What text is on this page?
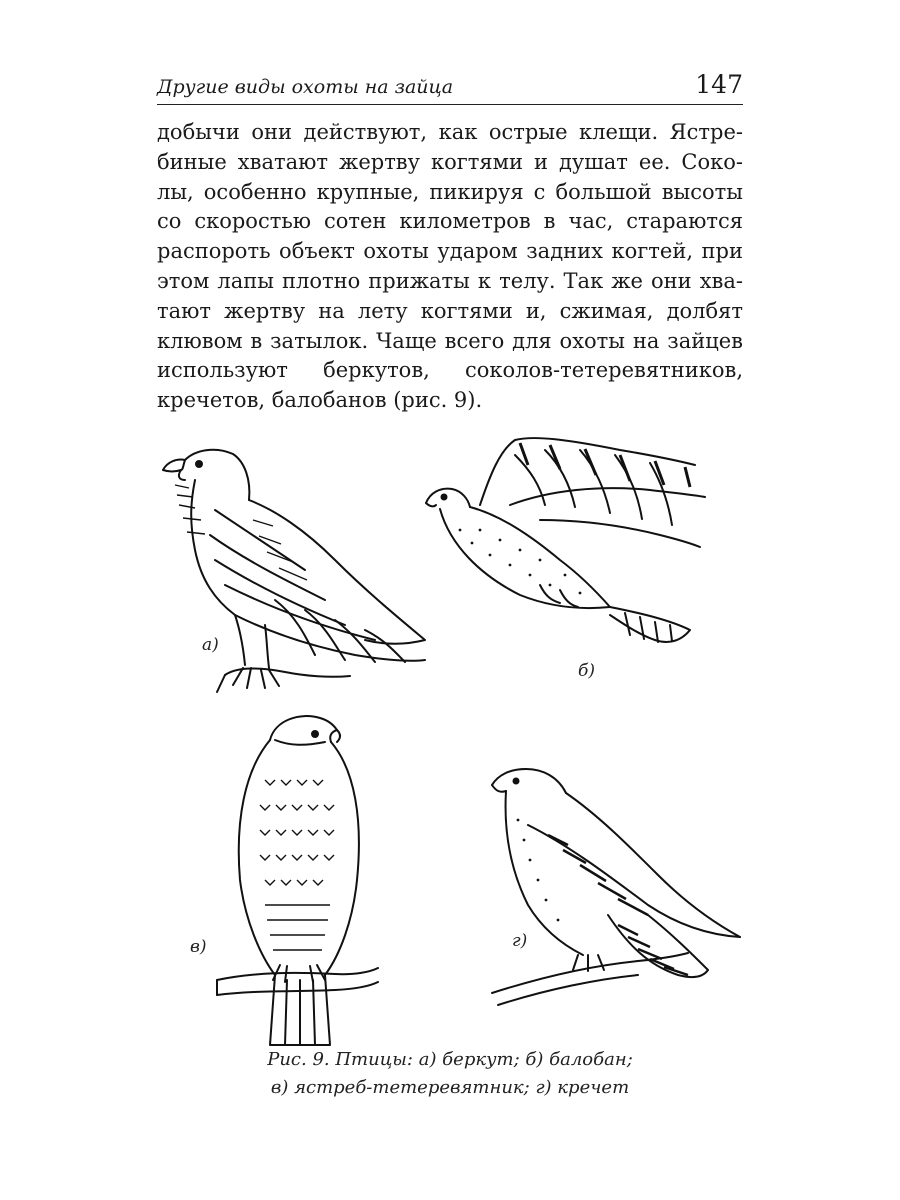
Другие виды охоты на зайца	147
добычи они действуют, как острые клещи. Ястре-
биные хватают жертву когтями и душат ее. Соко-
лы, особенно крупные, пикируя с большой высоты
со скоростью сотен километров в час, стараются
распороть объект охоты ударом задних когтей, при
этом лапы плотно прижаты к телу. Так же они хва-
тают жертву на лету когтями и, сжимая, долбят
клювом в затылок. Чаще всего для охоты на зайцев
используют беркутов, соколов-тетеревятников,
кречетов, балобанов (рис. 9).
а)
б)
в)	г)
Рис. 9. Птицы: а) беркут; б) балобан;
в) ястреб-тетеревятник; г) кречет
